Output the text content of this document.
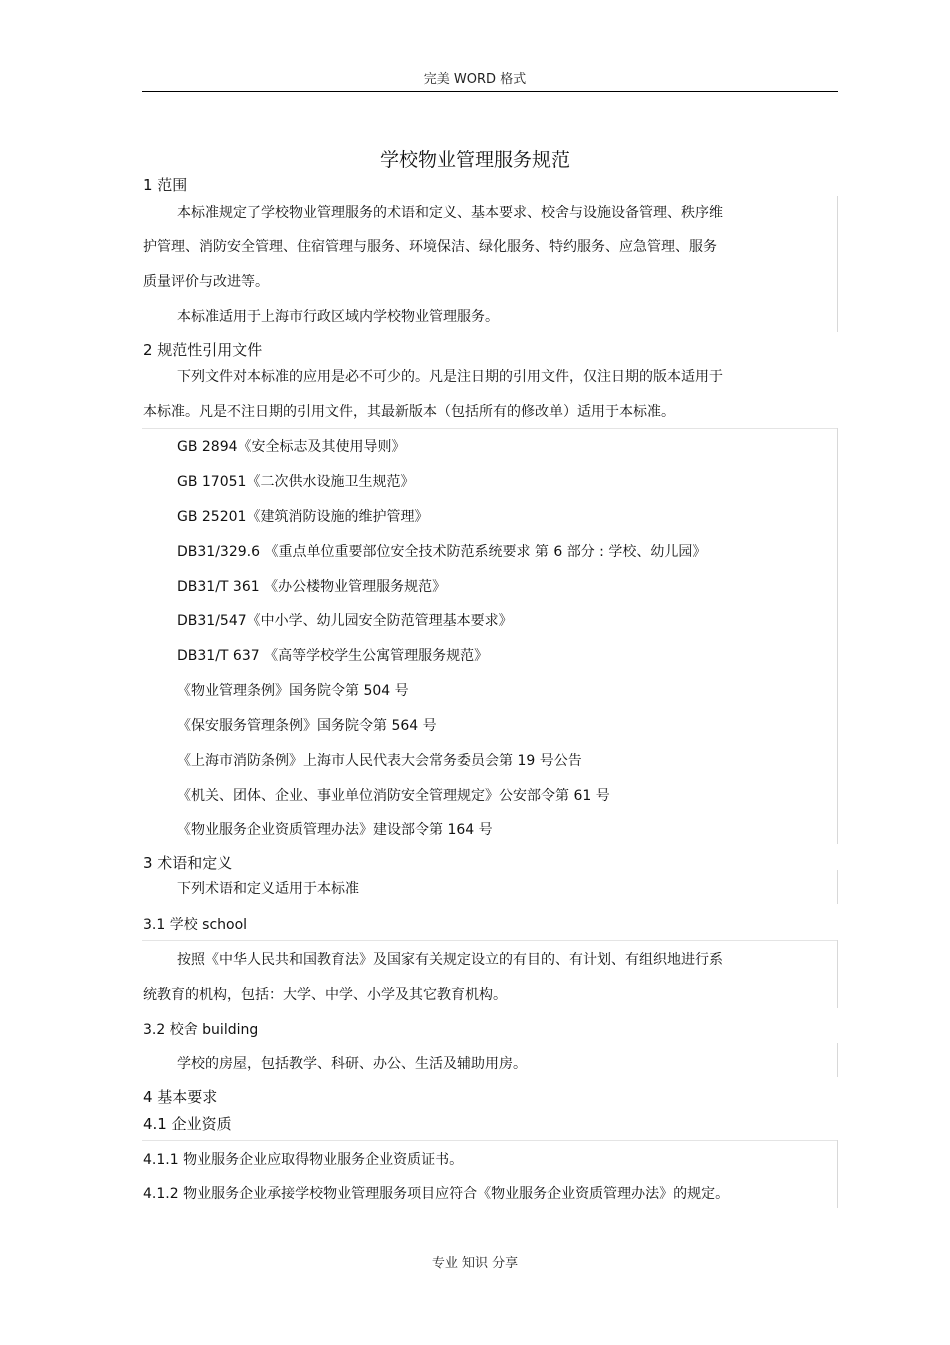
完美 WORD 格式
学校物业管理服务规范
1 范围
本标准规定了学校物业管理服务的术语和定义、基本要求、校舍与设施设备管理、秩序维
护管理、消防安全管理、住宿管理与服务、环境保洁、绿化服务、特约服务、应急管理、服务
质量评价与改进等。
本标准适用于上海市行政区域内学校物业管理服务。
2 规范性引用文件
下列文件对本标准的应用是必不可少的。凡是注日期的引用文件，仅注日期的版本适用于
本标准。凡是不注日期的引用文件，其最新版本（包括所有的修改单）适用于本标准。
GB 2894《安全标志及其使用导则》
GB 17051《二次供水设施卫生规范》
GB 25201《建筑消防设施的维护管理》
DB31/329.6 《重点单位重要部位安全技术防范系统要求 第 6 部分 : 学校、幼儿园》
DB31/T 361 《办公楼物业管理服务规范》
DB31/547《中小学、幼儿园安全防范管理基本要求》
DB31/T 637 《高等学校学生公寓管理服务规范》
《物业管理条例》国务院令第 504 号
《保安服务管理条例》国务院令第 564 号
《上海市消防条例》上海市人民代表大会常务委员会第 19 号公告
《机关、团体、企业、事业单位消防安全管理规定》公安部令第 61 号
《物业服务企业资质管理办法》建设部令第 164 号
3 术语和定义
下列术语和定义适用于本标准
3.1 学校 school
按照《中华人民共和国教育法》及国家有关规定设立的有目的、有计划、有组织地进行系
统教育的机构，包括：大学、中学、小学及其它教育机构。
3.2 校舍 building
学校的房屋，包括教学、科研、办公、生活及辅助用房。
4 基本要求
4.1 企业资质
4.1.1 物业服务企业应取得物业服务企业资质证书。
4.1.2 物业服务企业承接学校物业管理服务项目应符合《物业服务企业资质管理办法》的规定。
专业 知识 分享
